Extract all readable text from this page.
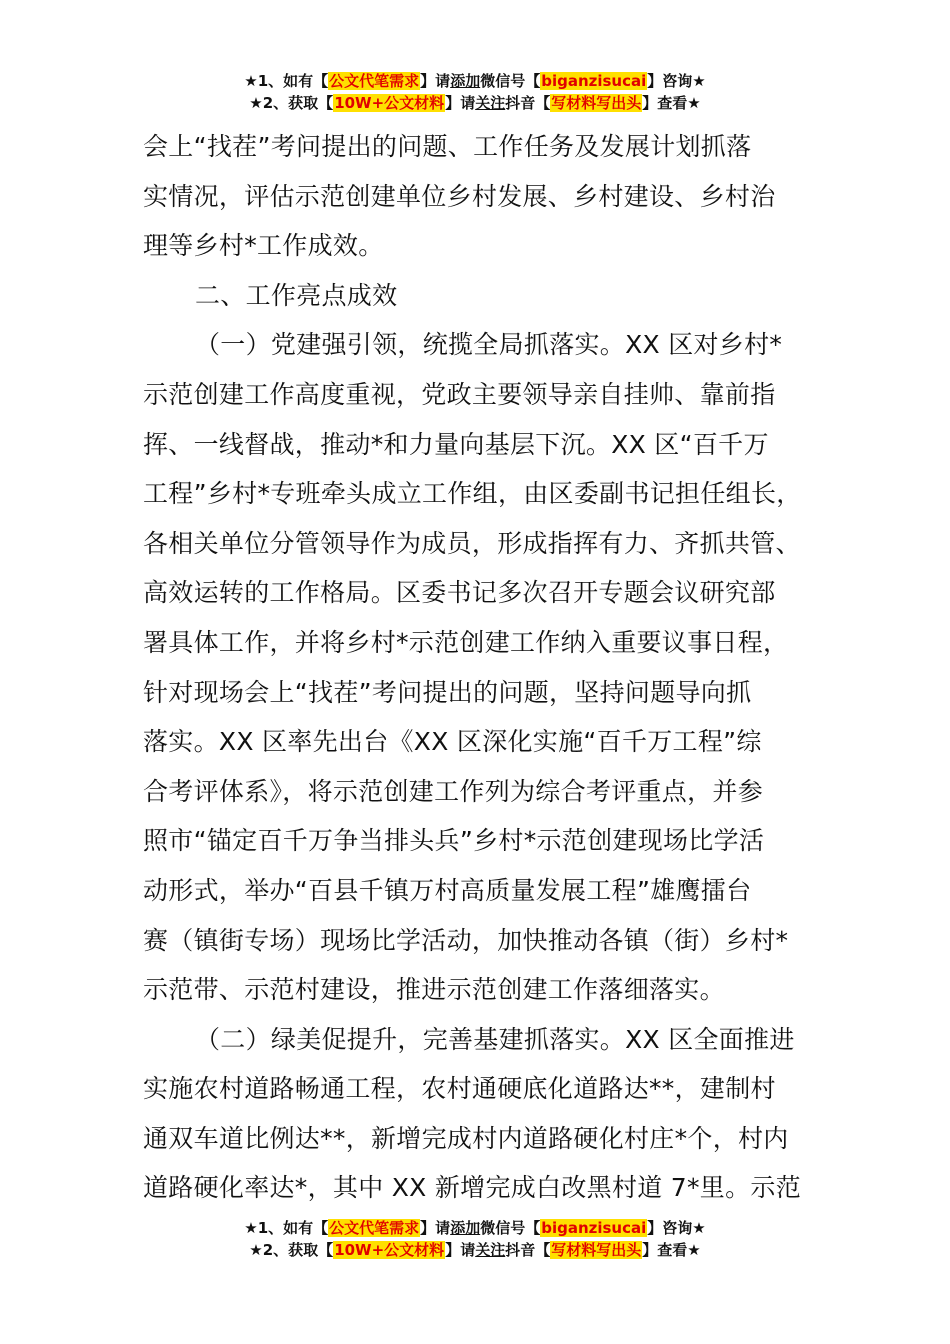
★1、如有【公文代笔需求】请添加微信号【biganzisucai】咨询★
★2、获取【10W+公文材料】请关注抖音【写材料写出头】查看★

会上“找茬”考问提出的问题、工作任务及发展计划抓落
实情况，评估示范创建单位乡村发展、乡村建设、乡村治
理等乡村*工作成效。

二、工作亮点成效

（一）党建强引领，统揽全局抓落实。XX 区对乡村*
示范创建工作高度重视，党政主要领导亲自挂帅、靠前指
挥、一线督战，推动*和力量向基层下沉。XX 区“百千万
工程”乡村*专班牵头成立工作组，由区委副书记担任组长，
各相关单位分管领导作为成员，形成指挥有力、齐抓共管、
高效运转的工作格局。区委书记多次召开专题会议研究部
署具体工作，并将乡村*示范创建工作纳入重要议事日程，
针对现场会上“找茬”考问提出的问题，坚持问题导向抓
落实。XX 区率先出台《XX 区深化实施“百千万工程”综
合考评体系》，将示范创建工作列为综合考评重点，并参
照市“锚定百千万争当排头兵”乡村*示范创建现场比学活
动形式，举办“百县千镇万村高质量发展工程”雄鹰擂台
赛（镇街专场）现场比学活动，加快推动各镇（街）乡村*
示范带、示范村建设，推进示范创建工作落细落实。

（二）绿美促提升，完善基建抓落实。XX 区全面推进
实施农村道路畅通工程，农村通硬底化道路达**，建制村
通双车道比例达**，新增完成村内道路硬化村庄*个，村内
道路硬化率达*，其中 XX 新增完成白改黑村道 7*里。示范

★1、如有【公文代笔需求】请添加微信号【biganzisucai】咨询★
★2、获取【10W+公文材料】请关注抖音【写材料写出头】查看★
